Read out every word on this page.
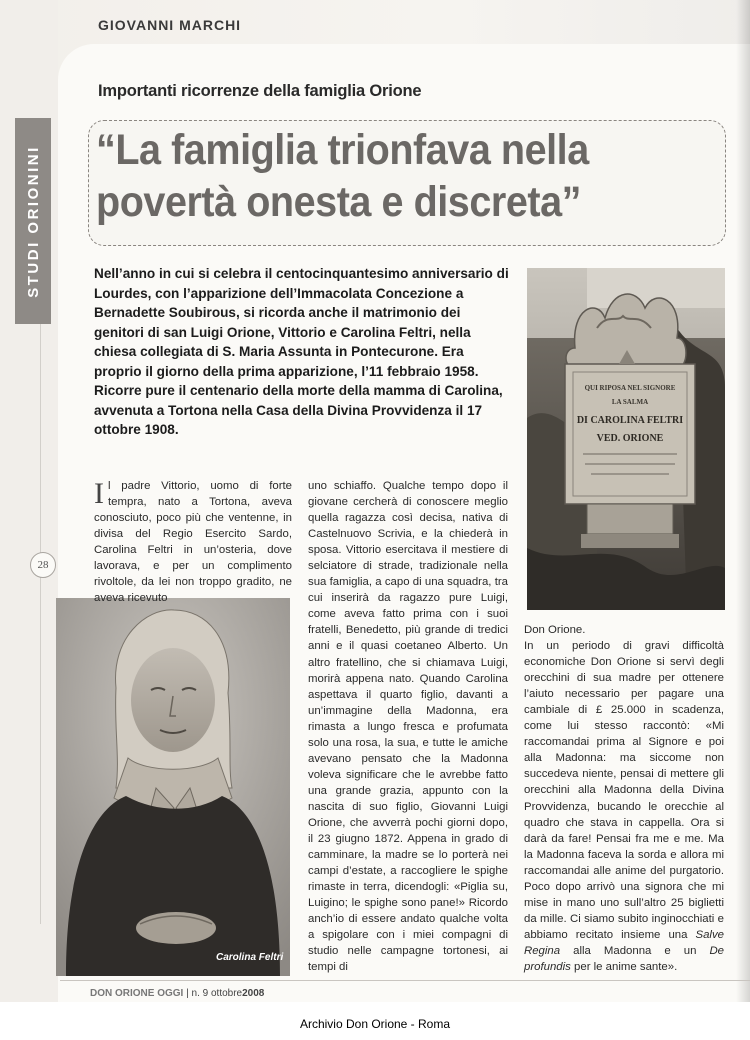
GIOVANNI MARCHI
STUDI ORIONINI
28
Importanti ricorrenze della famiglia Orione
“La famiglia trionfava nella
povertà onesta e discreta”
Nell’anno in cui si celebra il centocinquantesimo anniversario di Lourdes, con l’apparizione dell’Immacolata Concezione a Bernadette Soubirous, si ricorda anche il matrimonio dei genitori di san Luigi Orione, Vittorio e Carolina Feltri, nella chiesa collegiata di S. Maria Assunta in Pontecurone. Era proprio il giorno della prima apparizione, l’11 febbraio 1958. Ricorre pure il centenario della morte della mamma di Carolina, avvenuta a Tortona nella Casa della Divina Provvidenza il 17 ottobre 1908.
QUI RIPOSA NEL SIGNORE
LA SALMA
DI CAROLINA FELTRI
VED. ORIONE
Carolina Feltri
Il padre Vittorio, uomo di forte tempra, nato a Tortona, aveva conosciuto, poco più che ventenne, in divisa del Regio Esercito Sardo, Carolina Feltri in un’osteria, dove lavorava, e per un complimento rivoltole, da lei non troppo gradito, ne aveva ricevuto
uno schiaffo. Qualche tempo dopo il giovane cercherà di conoscere meglio quella ragazza così decisa, nativa di Castelnuovo Scrivia, e la chiederà in sposa. Vittorio esercitava il mestiere di selciatore di strade, tradizionale nella sua famiglia, a capo di una squadra, tra cui inserirà da ragazzo pure Luigi, come aveva fatto prima con i suoi fratelli, Benedetto, più grande di tredici anni e il quasi coetaneo Alberto. Un altro fratellino, che si chiamava Luigi, morirà appena nato. Quando Carolina aspettava il quarto figlio, davanti a un’immagine della Madonna, era rimasta a lungo fresca e profumata solo una rosa, la sua, e tutte le amiche avevano pensato che la Madonna voleva significare che le avrebbe fatto una grande grazia, appunto con la nascita di suo figlio, Giovanni Luigi Orione, che avverrà pochi giorni dopo, il 23 giugno 1872. Appena in grado di camminare, la madre se lo porterà nei campi d’estate, a raccogliere le spighe rimaste in terra, dicendogli: «Piglia su, Luigino; le spighe sono pane!» Ricordo anch’io di essere andato qualche volta a spigolare con i miei compagni di studio nelle campagne tortonesi, ai tempi di
Don Orione.
In un periodo di gravi difficoltà economiche Don Orione si servì degli orecchini di sua madre per ottenere l’aiuto necessario per pagare una cambiale di £ 25.000 in scadenza, come lui stesso raccontò: «Mi raccomandai prima al Signore e poi alla Madonna: ma siccome non succedeva niente, pensai di mettere gli orecchini alla Madonna della Divina Provvidenza, bucando le orecchie al quadro che stava in cappella. Ora si darà da fare! Pensai fra me e me. Ma la Madonna faceva la sorda e allora mi raccomandai alle anime del purgatorio. Poco dopo arrivò una signora che mi mise in mano uno sull’altro 25 biglietti da mille. Ci siamo subito inginocchiati e abbiamo recitato insieme una Salve Regina alla Madonna e un De profundis per le anime sante».
DON ORIONE OGGI | n. 9 ottobre2008
Archivio Don Orione - Roma
